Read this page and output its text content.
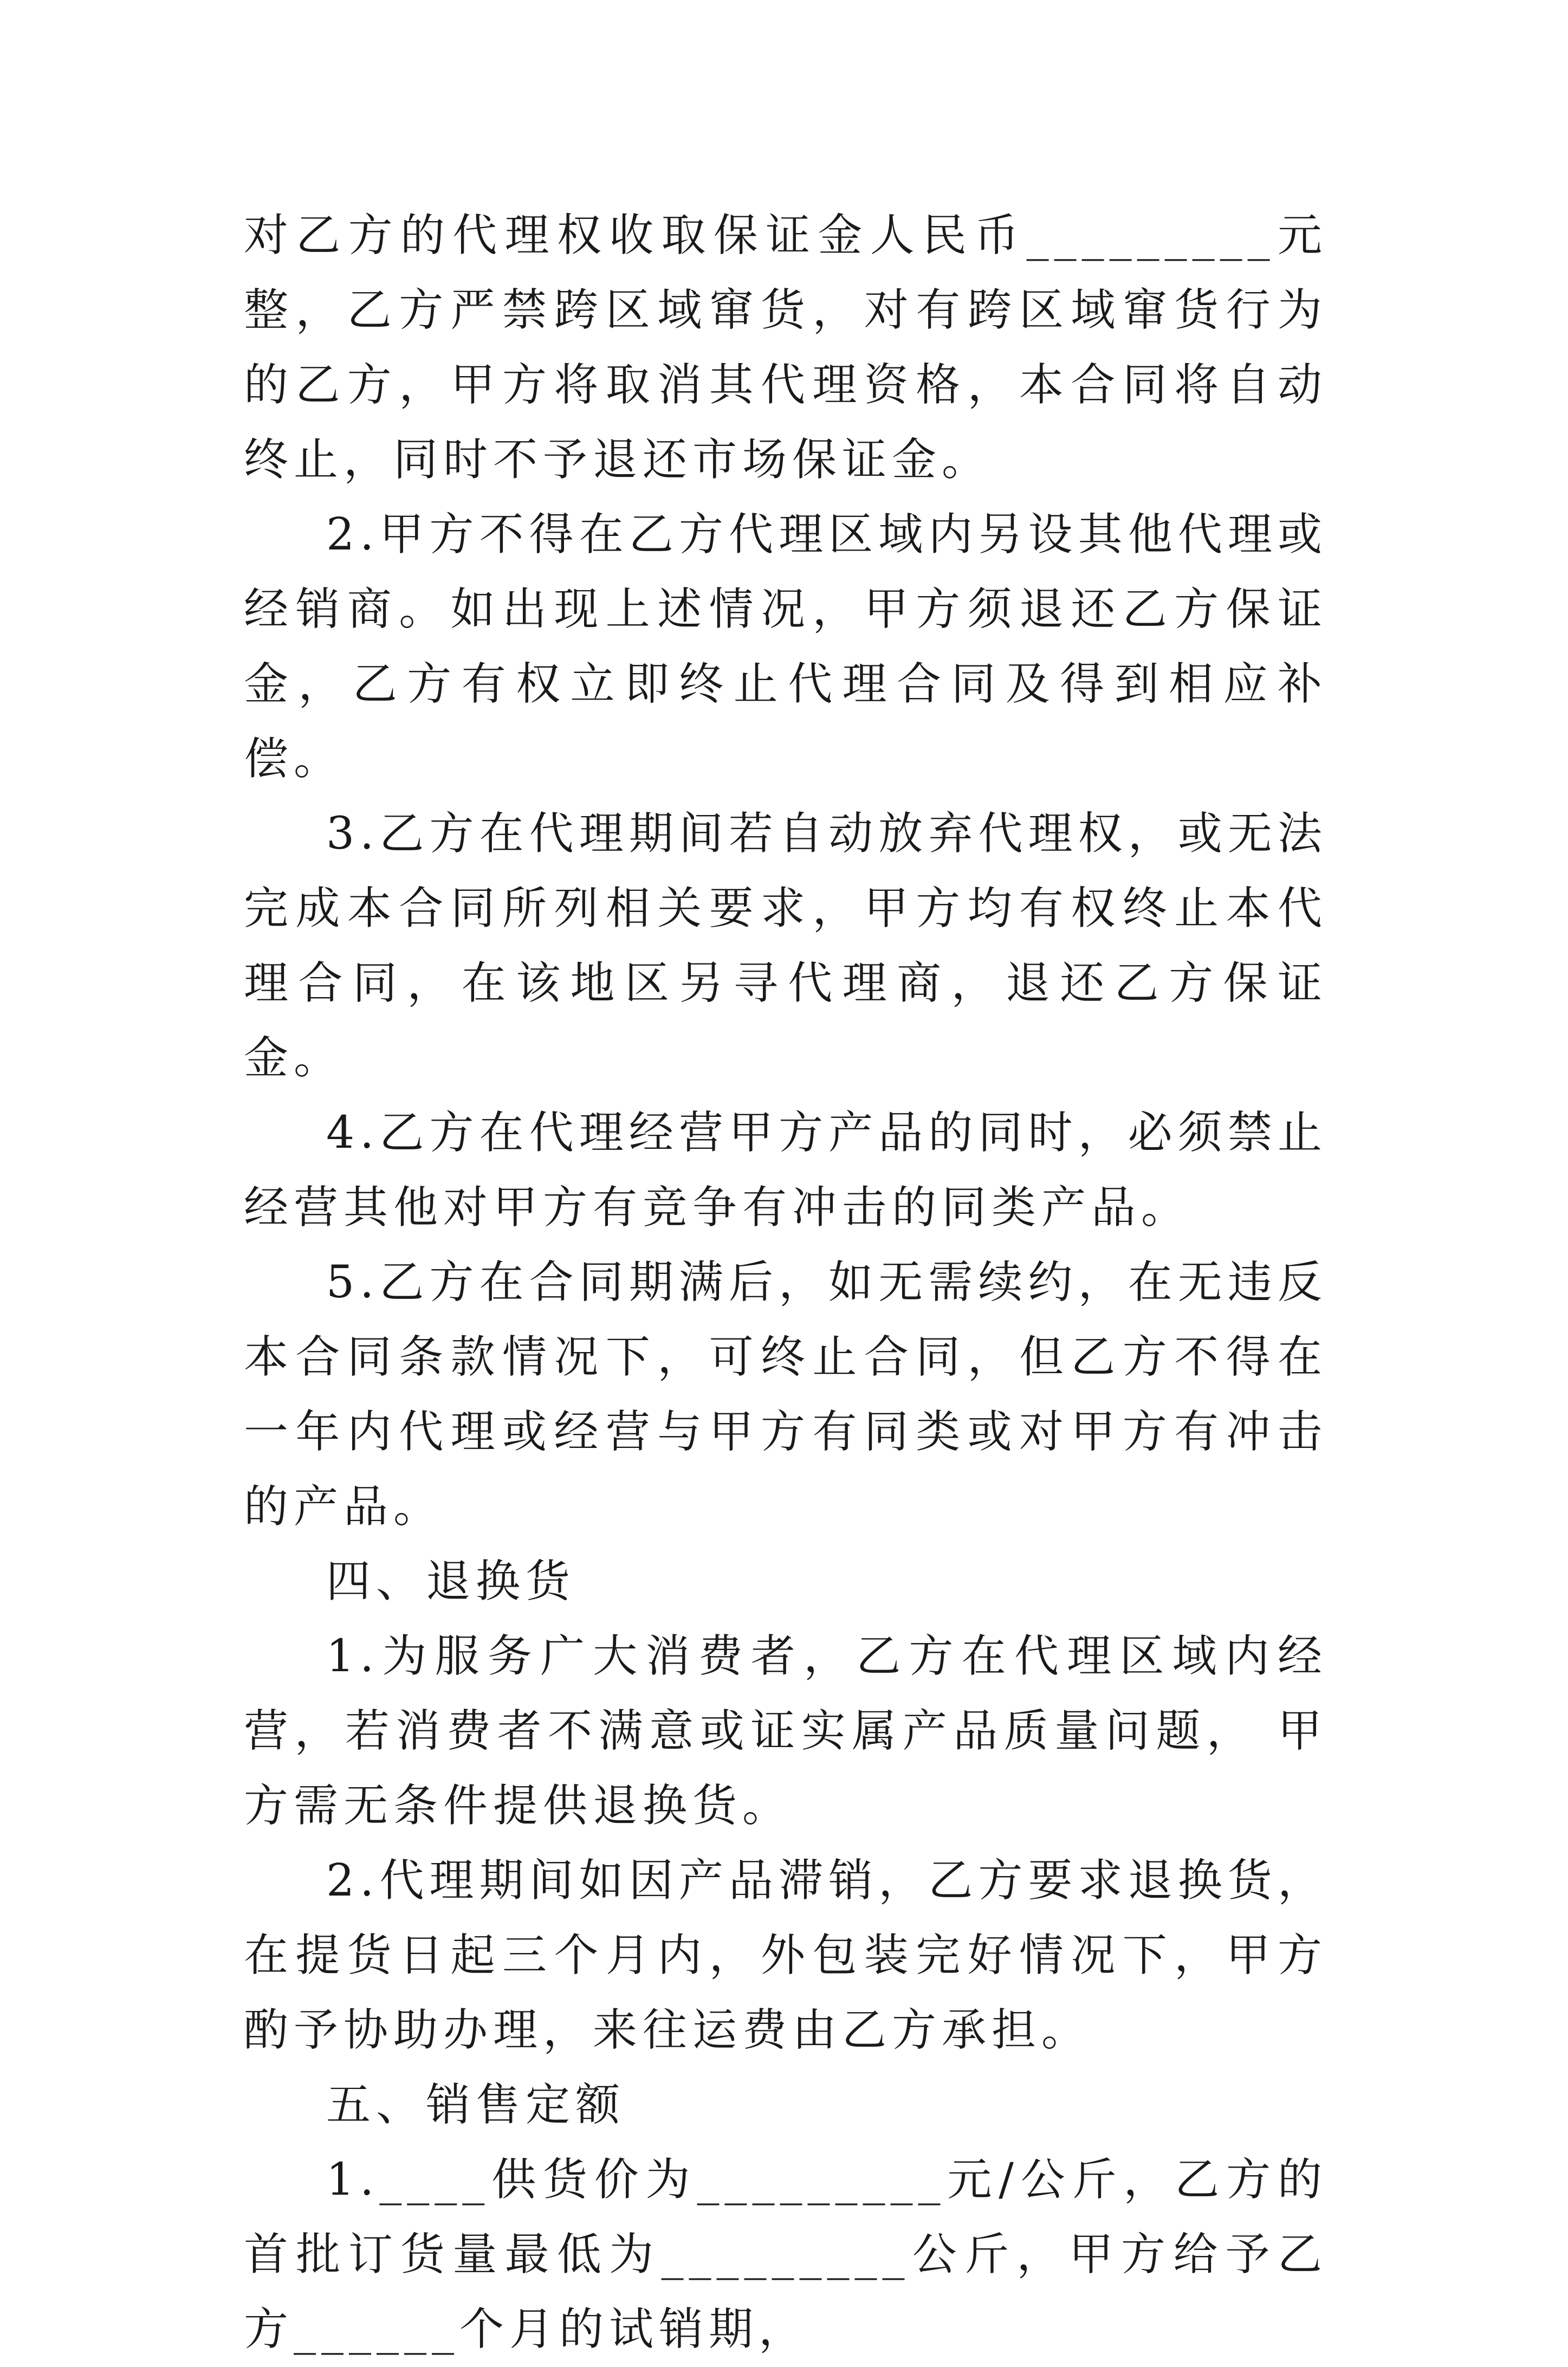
对乙方的代理权收取保证金人民币_________元整，乙方严禁跨区域窜货，对有跨区域窜货行为的乙方，甲方将取消其代理资格，本合同将自动终止，同时不予退还市场保证金。

2.甲方不得在乙方代理区域内另设其他代理或经销商。如出现上述情况，甲方须退还乙方保证金，乙方有权立即终止代理合同及得到相应补偿。

3.乙方在代理期间若自动放弃代理权，或无法完成本合同所列相关要求，甲方均有权终止本代理合同，在该地区另寻代理商，退还乙方保证金。

4.乙方在代理经营甲方产品的同时，必须禁止经营其他对甲方有竞争有冲击的同类产品。

5.乙方在合同期满后，如无需续约，在无违反本合同条款情况下，可终止合同，但乙方不得在一年内代理或经营与甲方有同类或对甲方有冲击的产品。

四、退换货

1.为服务广大消费者，乙方在代理区域内经营，若消费者不满意或证实属产品质量问题， 甲方需无条件提供退换货。

2.代理期间如因产品滞销，乙方要求退换货，在提货日起三个月内，外包装完好情况下，甲方酌予协助办理，来往运费由乙方承担。

五、销售定额

1.____供货价为_________元/公斤，乙方的首批订货量最低为_________公斤，甲方给予乙方______个月的试销期，
